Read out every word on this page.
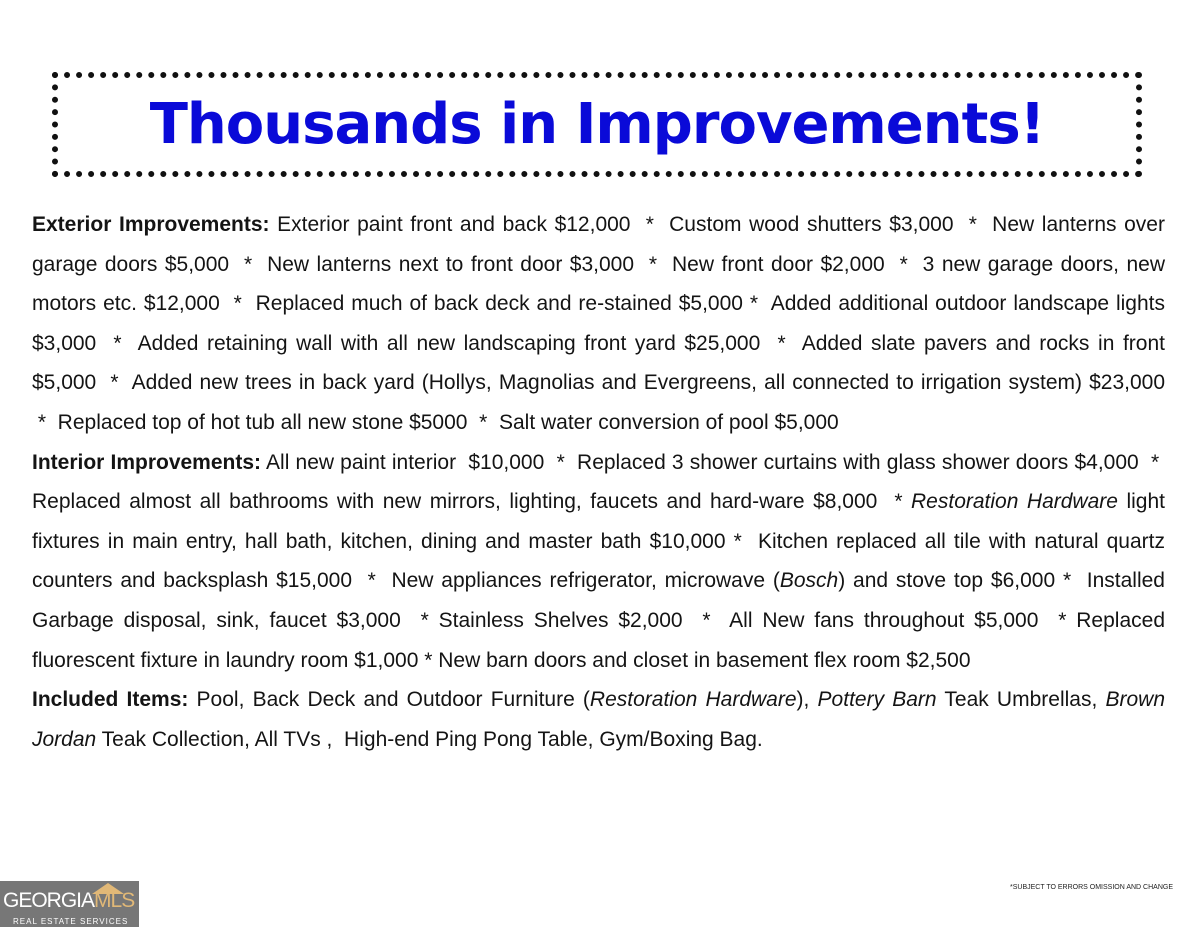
Thousands in Improvements!

Exterior Improvements: Exterior paint front and back $12,000  *  Custom wood shutters $3,000  *  New lanterns over garage doors $5,000  *  New lanterns next to front door $3,000  *  New front door $2,000  *  3 new garage doors, new motors etc. $12,000  *  Replaced much of back deck and re-stained $5,000 *  Added additional outdoor landscape lights $3,000  *  Added retaining wall with all new landscaping front yard $25,000  *  Added slate pavers and rocks in front $5,000  *  Added new trees in back yard (Hollys, Magnolias and Evergreens, all connected to irrigation system) $23,000  *  Replaced top of hot tub all new stone $5000  *  Salt water conversion of pool $5,000

Interior Improvements: All new paint interior  $10,000  *  Replaced 3 shower curtains with glass shower doors $4,000  *  Replaced almost all bathrooms with new mirrors, lighting, faucets and hard-ware $8,000  * Restoration Hardware light fixtures in main entry, hall bath, kitchen, dining and master bath $10,000 *  Kitchen replaced all tile with natural quartz counters and backsplash $15,000  *  New appliances refrigerator, microwave (Bosch) and stove top $6,000 *  Installed Garbage disposal, sink, faucet $3,000  * Stainless Shelves $2,000  *  All New fans throughout $5,000  * Replaced fluorescent fixture in laundry room $1,000 * New barn doors and closet in basement flex room $2,500

Included Items: Pool, Back Deck and Outdoor Furniture (Restoration Hardware), Pottery Barn Teak Umbrellas, Brown Jordan Teak Collection, All TVs ,  High-end Ping Pong Table, Gym/Boxing Bag.

GEORGIAMLS
REAL ESTATE SERVICES
*SUBJECT TO ERRORS OMISSION AND CHANGE
